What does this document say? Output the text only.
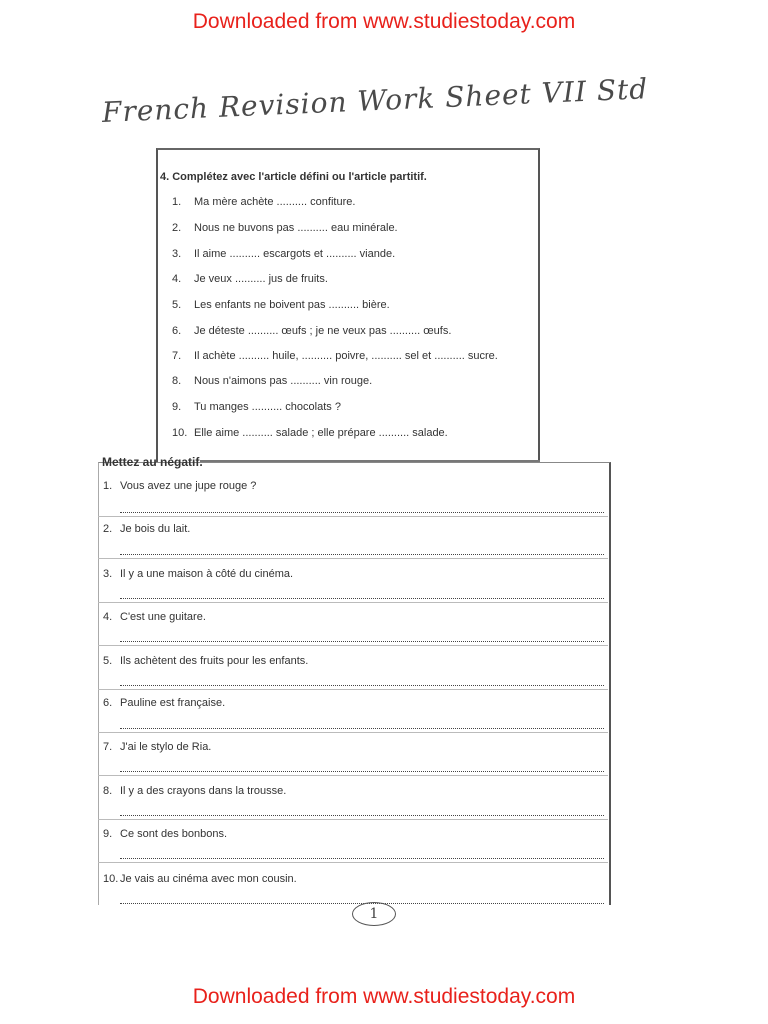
Downloaded from www.studiestoday.com
French Revision Work Sheet VII Std
4. Complétez avec l'article défini ou l'article partitif.
1. Ma mère achète .......... confiture.
2. Nous ne buvons pas .......... eau minérale.
3. Il aime .......... escargots et .......... viande.
4. Je veux .......... jus de fruits.
5. Les enfants ne boivent pas .......... bière.
6. Je déteste .......... œufs ; je ne veux pas .......... œufs.
7. Il achète .......... huile, .......... poivre, .......... sel et .......... sucre.
8. Nous n'aimons pas .......... vin rouge.
9. Tu manges .......... chocolats ?
10. Elle aime .......... salade ; elle prépare .......... salade.
Mettez au négatif.
1. Vous avez une jupe rouge ?
2. Je bois du lait.
3. Il y a une maison à côté du cinéma.
4. C'est une guitare.
5. Ils achètent des fruits pour les enfants.
6. Pauline est française.
7. J'ai le stylo de Ria.
8. Il y a des crayons dans la trousse.
9. Ce sont des bonbons.
10. Je vais au cinéma avec mon cousin.
1
Downloaded from www.studiestoday.com
